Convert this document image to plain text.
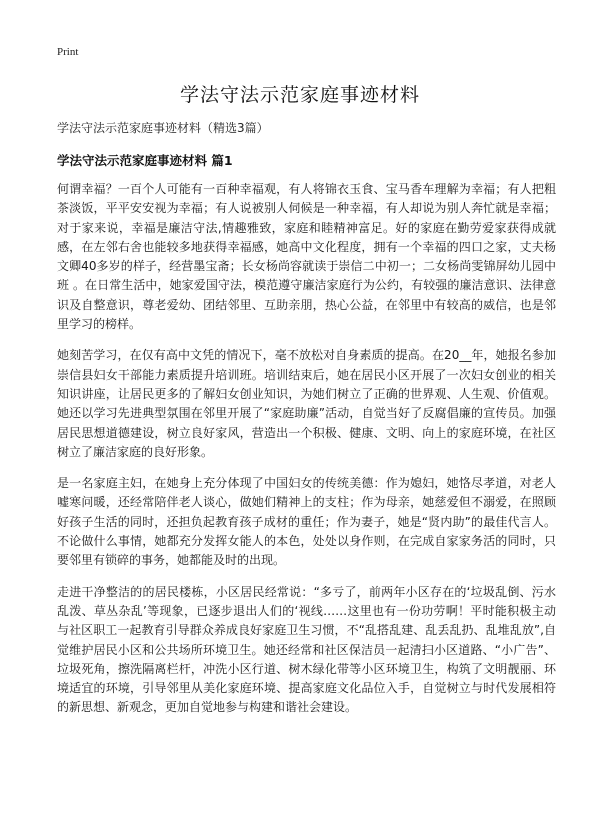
Print
学法守法示范家庭事迹材料
学法守法示范家庭事迹材料（精选3篇）
学法守法示范家庭事迹材料 篇1

何谓幸福？一百个人可能有一百种幸福观，有人将锦衣玉食、宝马香车理解为幸福；有人把粗茶淡饭，平平安安视为幸福；有人说被别人伺候是一种幸福，有人却说为别人奔忙就是幸福；对于家来说，幸福是廉洁守法,情趣雅致，家庭和睦精神富足。好的家庭在勤劳爱家获得成就感，在左邻右舍也能较多地获得幸福感，她高中文化程度，拥有一个幸福的四口之家，丈夫杨文卿40多岁的样子，经营墨宝斋；长女杨尚容就读于崇信二中初一；二女杨尚雯锦屏幼儿园中班 。在日常生活中，她家爱国守法，模范遵守廉洁家庭行为公约，有较强的廉洁意识、法律意识及自整意识，尊老爱幼、团结邻里、互助亲朋，热心公益，在邻里中有较高的威信，也是邻里学习的榜样。

她刻苦学习，在仅有高中文凭的情况下，毫不放松对自身素质的提高。在20__年，她报名参加崇信县妇女干部能力素质提升培训班。培训结束后，她在居民小区开展了一次妇女创业的相关知识讲座，让居民更多的了解妇女创业知识，为她们树立了正确的世界观、人生观、价值观。她还以学习先进典型氛围在邻里开展了“家庭助廉”活动，自觉当好了反腐倡廉的宣传员。加强居民思想道德建设，树立良好家风，营造出一个积极、健康、文明、向上的家庭环境，在社区树立了廉洁家庭的良好形象。

是一名家庭主妇，在她身上充分体现了中国妇女的传统美德：作为媳妇，她恪尽孝道，对老人嘘寒问暖，还经常陪伴老人谈心，做她们精神上的支柱；作为母亲，她慈爱但不溺爱，在照顾好孩子生活的同时，还担负起教育孩子成材的重任；作为妻子，她是“贤内助”的最佳代言人。不论做什么事情，她都充分发挥女能人的本色，处处以身作则，在完成自家家务活的同时，只要邻里有锁碎的事务，她都能及时的出现。

走进干净整洁的的居民楼栋，小区居民经常说：“多亏了，前两年小区存在的‘垃圾乱倒、污水乱泼、草丛杂乱’等现象，已逐步退出人们的‘视线……这里也有一份功劳啊！平时能积极主动与社区职工一起教育引导群众养成良好家庭卫生习惯，不“乱搭乱建、乱丢乱扔、乱堆乱放”,自觉维护居民小区和公共场所环境卫生。她还经常和社区保洁员一起清扫小区道路、“小广告”、垃圾死角，擦洗隔离栏杆，冲洗小区行道、树木绿化带等小区环境卫生，构筑了文明靓丽、环境适宜的环境，引导邻里从美化家庭环境、提高家庭文化品位入手，自觉树立与时代发展相符的新思想、新观念，更加自觉地参与构建和谐社会建设。
